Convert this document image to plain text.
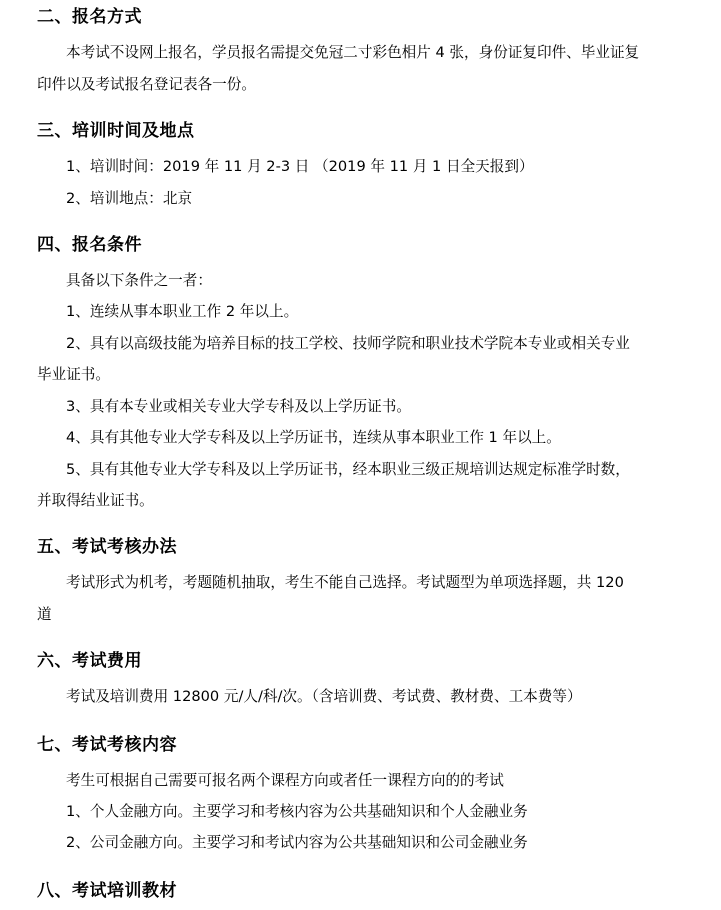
二、报名方式
本考试不设网上报名，学员报名需提交免冠二寸彩色相片 4 张，身份证复印件、毕业证复
印件以及考试报名登记表各一份。
三、培训时间及地点
1、培训时间：2019 年 11 月 2-3 日 （2019 年 11 月 1 日全天报到）
2、培训地点：北京
四、报名条件
具备以下条件之一者：
1、连续从事本职业工作 2 年以上。
2、具有以高级技能为培养目标的技工学校、技师学院和职业技术学院本专业或相关专业
毕业证书。
3、具有本专业或相关专业大学专科及以上学历证书。
4、具有其他专业大学专科及以上学历证书，连续从事本职业工作 1 年以上。
5、具有其他专业大学专科及以上学历证书，经本职业三级正规培训达规定标准学时数，
并取得结业证书。
五、考试考核办法
考试形式为机考，考题随机抽取，考生不能自己选择。考试题型为单项选择题，共 120
道
六、考试费用
考试及培训费用 12800 元/人/科/次。（含培训费、考试费、教材费、工本费等）
七、考试考核内容
考生可根据自己需要可报名两个课程方向或者任一课程方向的的考试
1、个人金融方向。主要学习和考核内容为公共基础知识和个人金融业务
2、公司金融方向。主要学习和考试内容为公共基础知识和公司金融业务
八、考试培训教材
